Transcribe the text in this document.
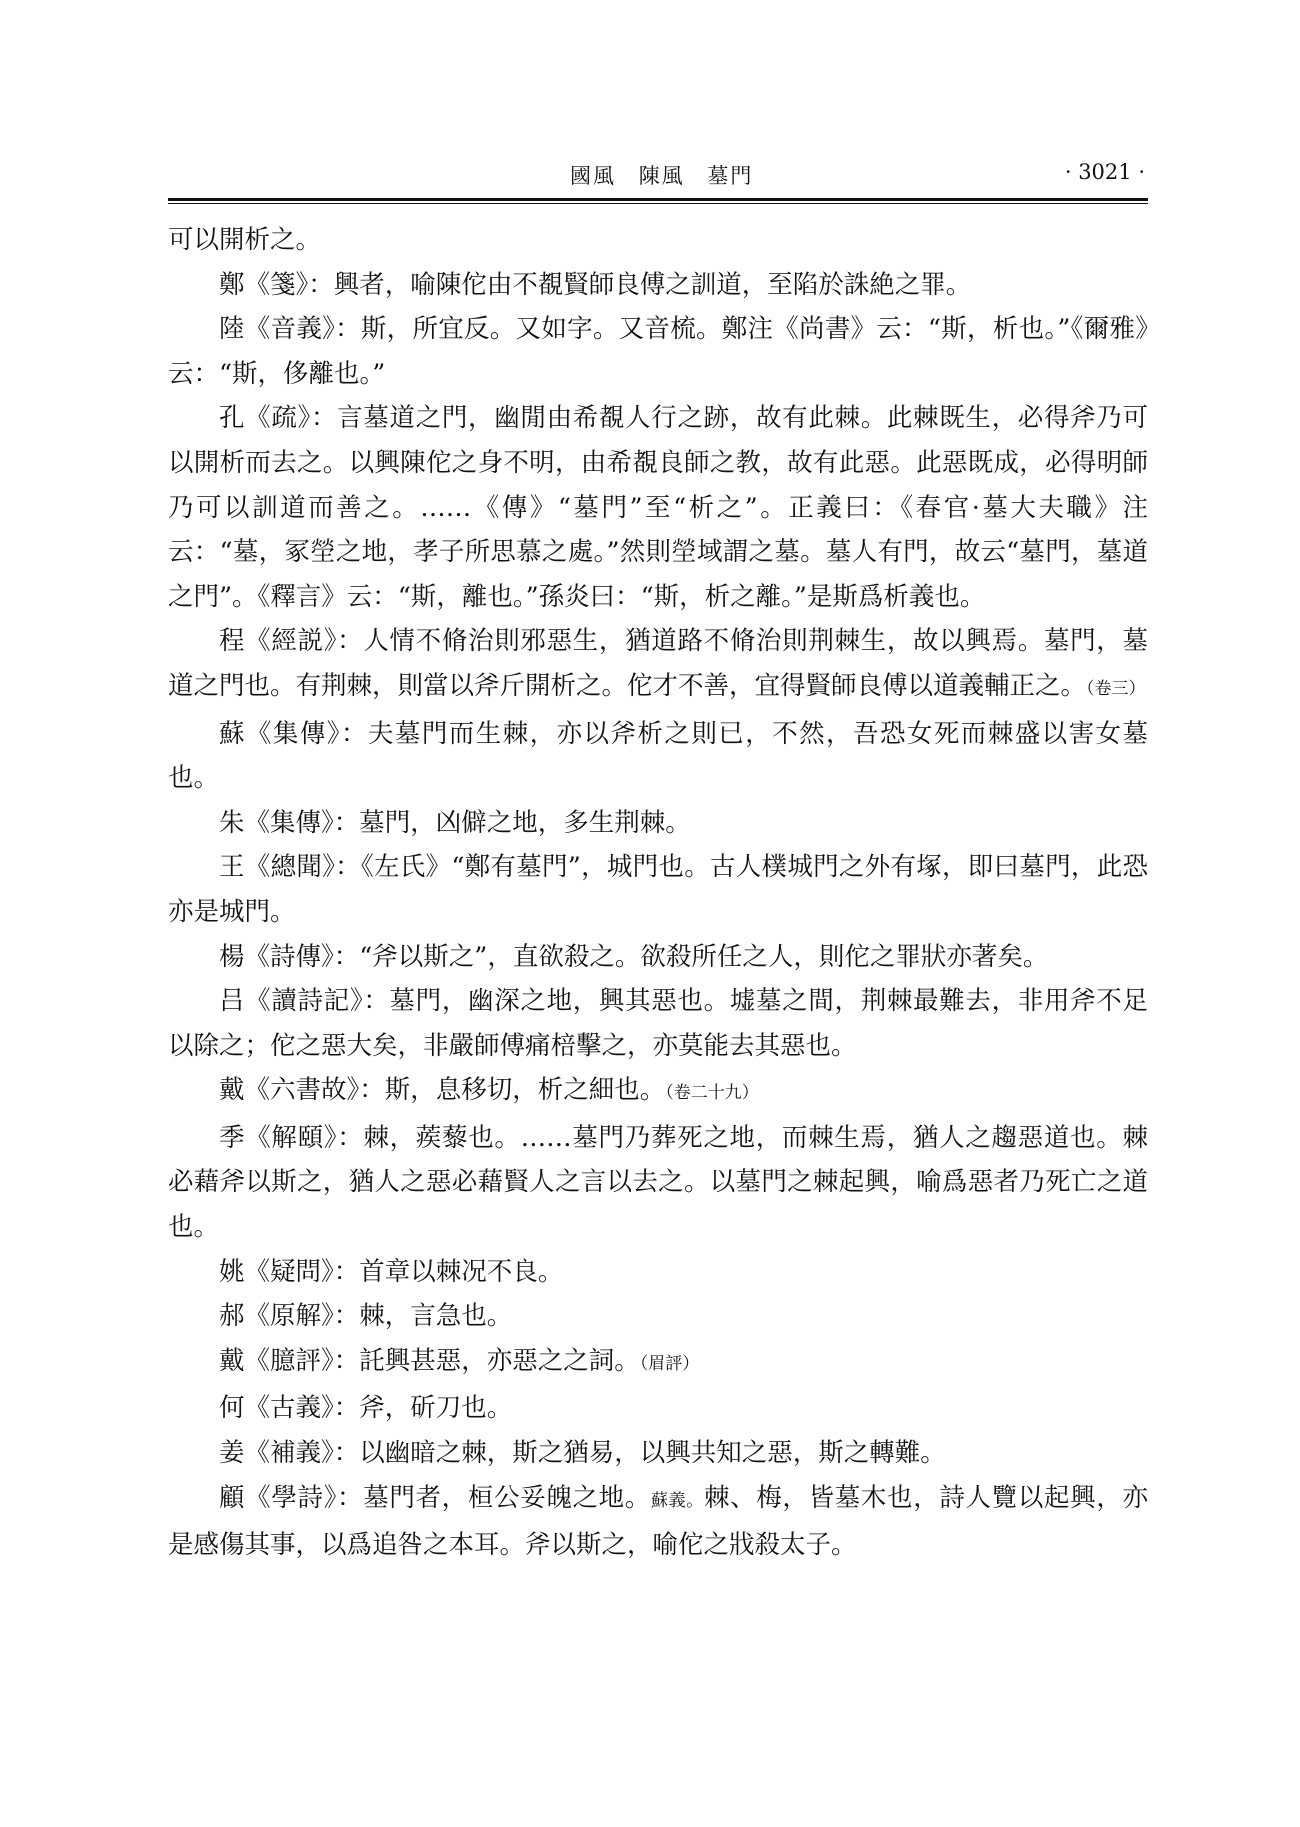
國風 陳風 墓門	· 3021 ·

可以開析之。

鄭《箋》：興者，喻陳佗由不覩賢師良傅之訓道，至陷於誅絶之罪。

陸《音義》：斯，所宜反。又如字。又音梳。鄭注《尚書》云：“斯，析也。”《爾雅》云：“斯，侈離也。”

孔《疏》：言墓道之門，幽閒由希覩人行之跡，故有此棘。此棘既生，必得斧乃可以開析而去之。以興陳佗之身不明，由希覩良師之教，故有此惡。此惡既成，必得明師乃可以訓道而善之。……《傳》“墓門”至“析之”。正義曰：《春官·墓大夫職》注云：“墓，冢塋之地，孝子所思慕之處。”然則塋域謂之墓。墓人有門，故云“墓門，墓道之門”。《釋言》云：“斯，離也。”孫炎曰：“斯，析之離。”是斯爲析義也。

程《經説》：人情不脩治則邪惡生，猶道路不脩治則荆棘生，故以興焉。墓門，墓道之門也。有荆棘，則當以斧斤開析之。佗才不善，宜得賢師良傅以道義輔正之。（卷三）

蘇《集傳》：夫墓門而生棘，亦以斧析之則已，不然，吾恐女死而棘盛以害女墓也。

朱《集傳》：墓門，凶僻之地，多生荆棘。

王《總聞》：《左氏》“鄭有墓門”，城門也。古人樸城門之外有塚，即曰墓門，此恐亦是城門。

楊《詩傳》：“斧以斯之”，直欲殺之。欲殺所任之人，則佗之罪狀亦著矣。

吕《讀詩記》：墓門，幽深之地，興其惡也。墟墓之間，荆棘最難去，非用斧不足以除之；佗之惡大矣，非嚴師傅痛棓擊之，亦莫能去其惡也。

戴《六書故》：斯，息移切，析之細也。（卷二十九）

季《解頤》：棘，蒺藜也。……墓門乃葬死之地，而棘生焉，猶人之趨惡道也。棘必藉斧以斯之，猶人之惡必藉賢人之言以去之。以墓門之棘起興，喻爲惡者乃死亡之道也。

姚《疑問》：首章以棘况不良。

郝《原解》：棘，言急也。

戴《臆評》：託興甚惡，亦惡之之詞。（眉評）

何《古義》：斧，斫刀也。

姜《補義》：以幽暗之棘，斯之猶易，以興共知之惡，斯之轉難。

顧《學詩》：墓門者，桓公妥魄之地。蘇義。棘、梅，皆墓木也，詩人覽以起興，亦是感傷其事，以爲追咎之本耳。斧以斯之，喻佗之戕殺太子。
